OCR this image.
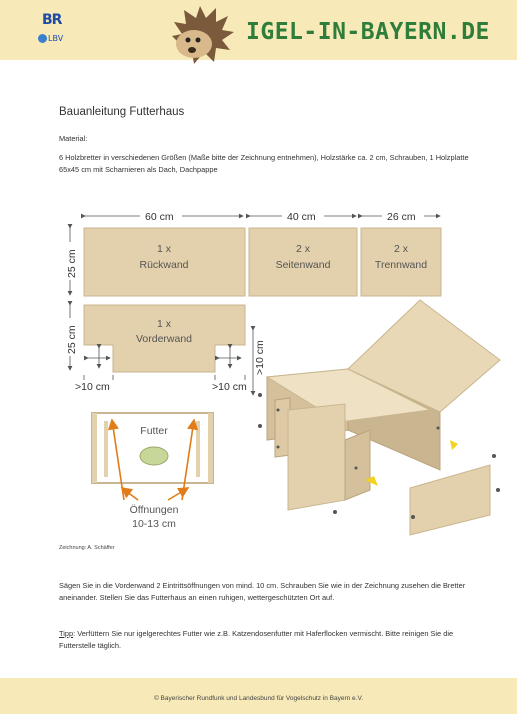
BR
LBV	IGEL-IN-BAYERN.DE
Bauanleitung Futterhaus
Material:
6 Holzbretter in verschiedenen Größen (Maße bitte der Zeichnung entnehmen), Holzstärke ca. 2 cm, Schrauben, 1 Holzplatte 65x45 cm mit Scharnieren als Dach, Dachpappe
60 cm	40 cm	26 cm
25 cm
25 cm
1 x
Rückwand
2 x
Seitenwand
2 x
Trennwand
1 x
Vorderwand
>10 cm	>10 cm
Futter
Öffnungen
10-13 cm
>10 cm
Zeichnung: A. Schäffer
Sägen Sie in die Vorderwand 2 Eintrittsöffnungen von mind. 10 cm. Schrauben Sie wie in der Zeichnung zusehen die Bretter aneinander. Stellen Sie das Futterhaus an einen ruhigen, wettergeschützten Ort auf.
Tipp: Verfüttern Sie nur igelgerechtes Futter wie z.B. Katzendosenfutter mit Haferflocken vermischt. Bitte reinigen Sie die Futterstelle täglich.
© Bayerischer Rundfunk und Landesbund für Vogelschutz in Bayern e.V.
